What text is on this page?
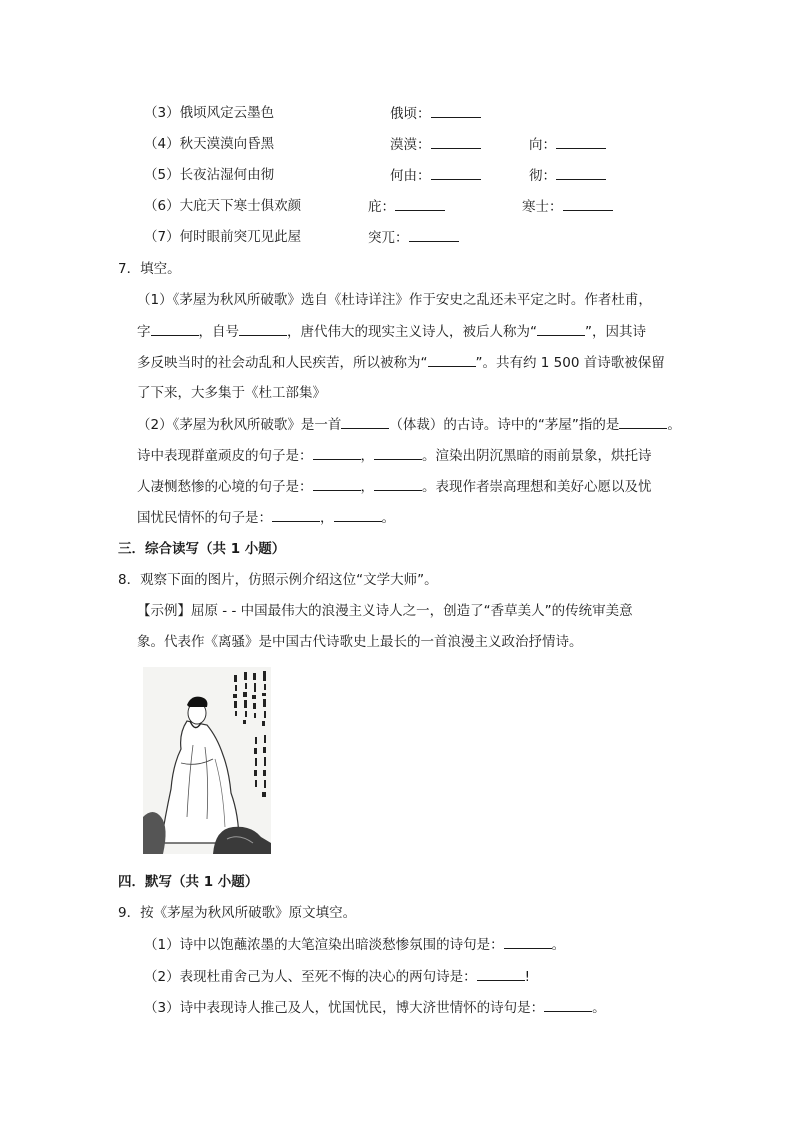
（3）俄顷风定云墨色	俄顷：
（4）秋天漠漠向昏黑	漠漠：	向：
（5）长夜沾湿何由彻	何由：	彻：
（6）大庇天下寒士俱欢颜	庇：	寒士：
（7）何时眼前突兀见此屋	突兀：
7．填空。
（1）《茅屋为秋风所破歌》选自《杜诗详注》作于安史之乱还未平定之时。作者杜甫，
字	，自号	，唐代伟大的现实主义诗人，被后人称为“	”，因其诗
多反映当时的社会动乱和人民疾苦，所以被称为“	”。共有约 1 500 首诗歌被保留
了下来，大多集于《杜工部集》
（2）《茅屋为秋风所破歌》是一首	（体裁）的古诗。诗中的“茅屋”指的是	。
诗中表现群童顽皮的句子是：	，	。渲染出阴沉黑暗的雨前景象，烘托诗
人凄恻愁惨的心境的句子是：	，	。表现作者崇高理想和美好心愿以及忧
国忧民情怀的句子是：	，	。
三．综合读写（共 1 小题）
8．观察下面的图片，仿照示例介绍这位“文学大师”。
【示例】屈原 - - 中国最伟大的浪漫主义诗人之一，创造了“香草美人”的传统审美意
象。代表作《离骚》是中国古代诗歌史上最长的一首浪漫主义政治抒情诗。
四．默写（共 1 小题）
9．按《茅屋为秋风所破歌》原文填空。
（1）诗中以饱蘸浓墨的大笔渲染出暗淡愁惨氛围的诗句是：	。
（2）表现杜甫舍己为人、至死不悔的决心的两句诗是：	!
（3）诗中表现诗人推己及人，忧国忧民，博大济世情怀的诗句是：	。
